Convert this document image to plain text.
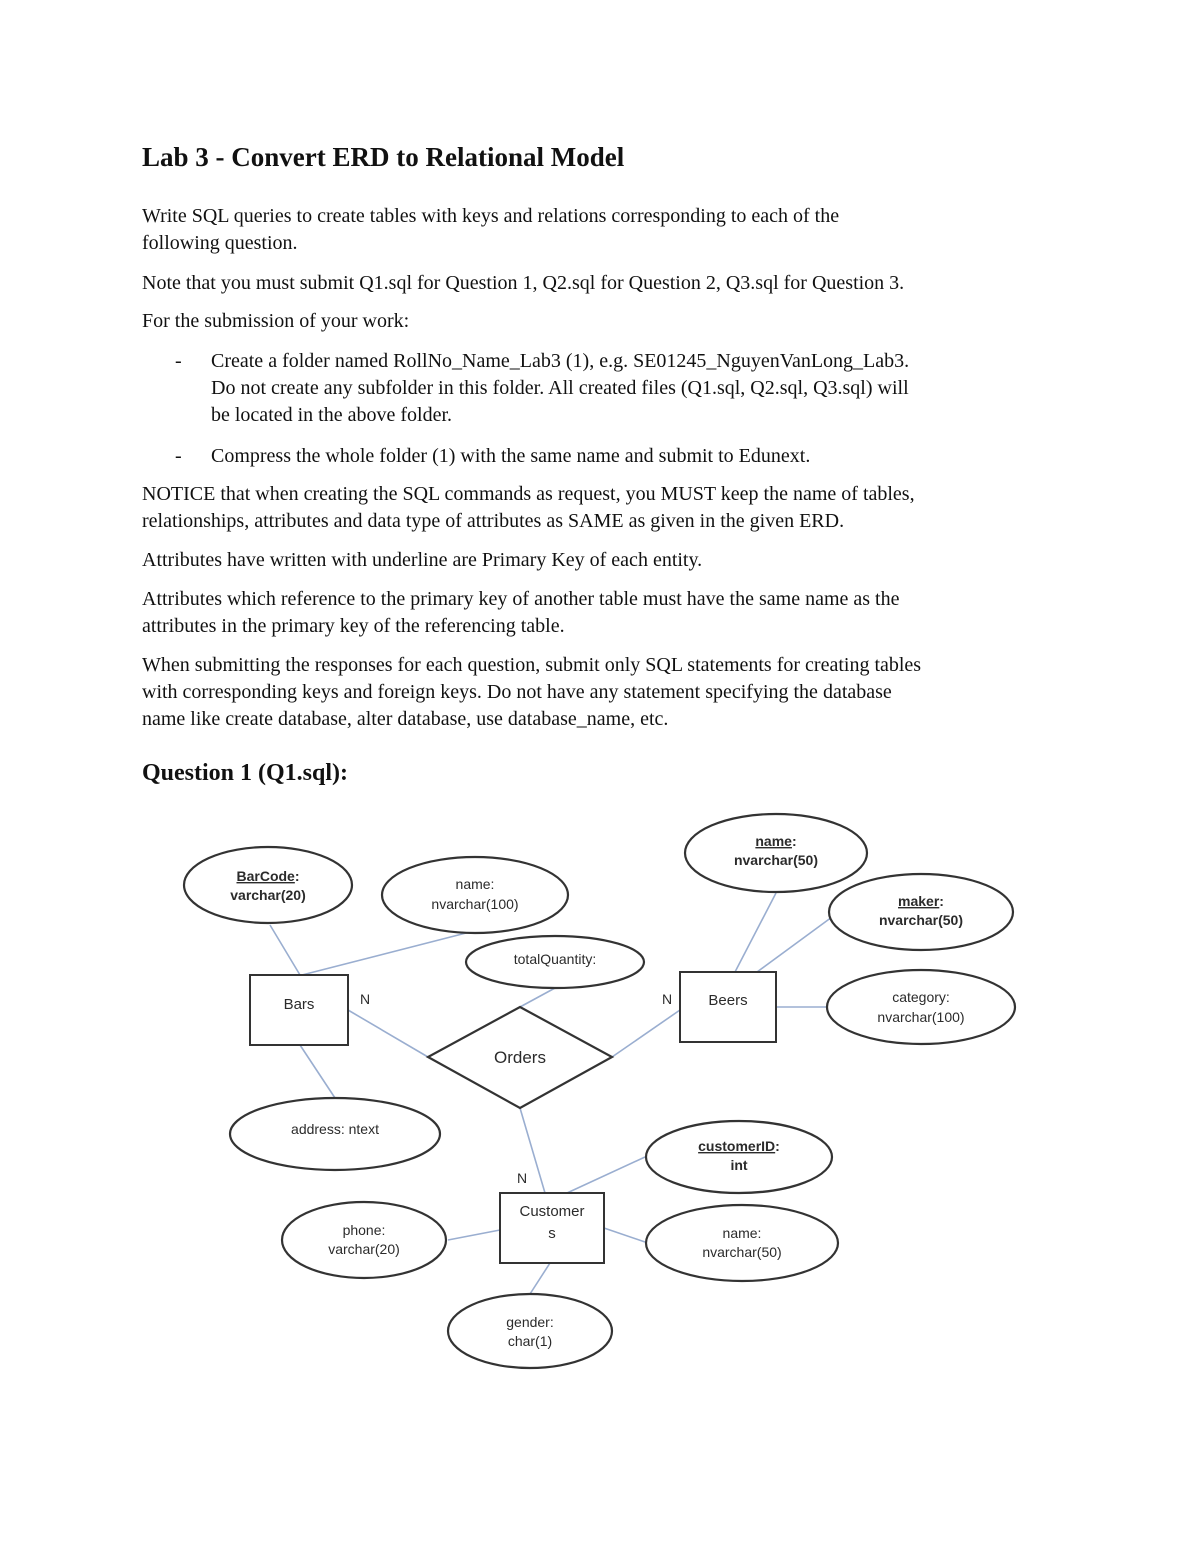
Lab 3 - Convert ERD to Relational Model

Write SQL queries to create tables with keys and relations corresponding to each of the

following question.

Note that you must submit Q1.sql for Question 1, Q2.sql for Question 2, Q3.sql for Question 3.

For the submission of your work:

- Create a folder named RollNo_Name_Lab3 (1), e.g. SE01245_NguyenVanLong_Lab3.

Do not create any subfolder in this folder. All created files (Q1.sql, Q2.sql, Q3.sql) will

be located in the above folder.

- Compress the whole folder (1) with the same name and submit to Edunext.

NOTICE that when creating the SQL commands as request, you MUST keep the name of tables,

relationships, attributes and data type of attributes as SAME as given in the given ERD.

Attributes have written with underline are Primary Key of each entity.

Attributes which reference to the primary key of another table must have the same name as the

attributes in the primary key of the referencing table.

When submitting the responses for each question, submit only SQL statements for creating tables

with corresponding keys and foreign keys. Do not have any statement specifying the database

name like create database, alter database, use database_name, etc.

Question 1 (Q1.sql):
Bars	Beers
Customer
s
Orders
N	N
N
BarCode:
varchar(20)
name:
nvarchar(100)
address: ntext
totalQuantity:
name:
nvarchar(50)
maker:
nvarchar(50)
category:
nvarchar(100)
customerID:
int
phone:
varchar(20)
name:
nvarchar(50)
gender:
char(1)
